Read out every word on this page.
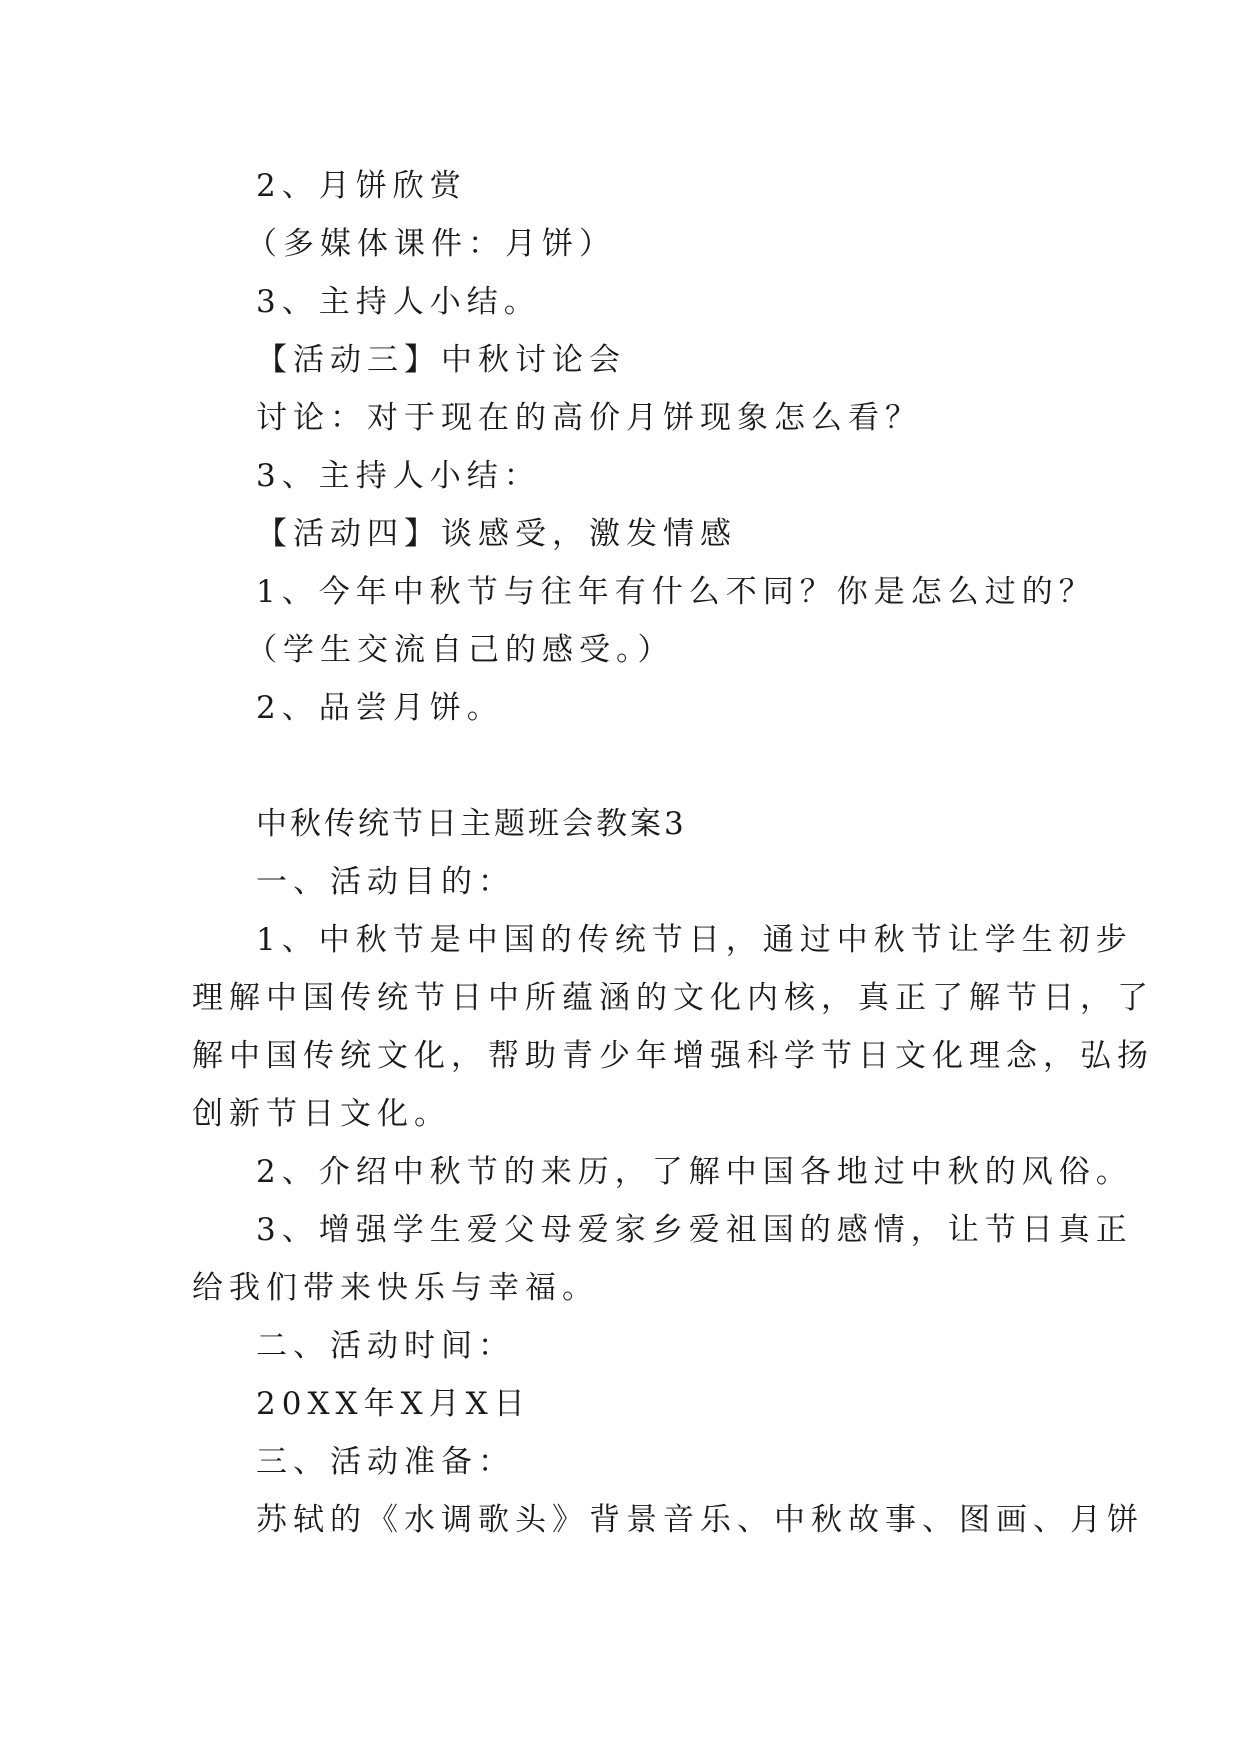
2、月饼欣赏
（多媒体课件：月饼）
3、主持人小结。
【活动三】中秋讨论会
讨论：对于现在的高价月饼现象怎么看？
3、主持人小结：
【活动四】谈感受，激发情感
1、今年中秋节与往年有什么不同？你是怎么过的？
（学生交流自己的感受。）
2、品尝月饼。
中秋传统节日主题班会教案3
一、活动目的：
1、中秋节是中国的传统节日，通过中秋节让学生初步
理解中国传统节日中所蕴涵的文化内核，真正了解节日，了
解中国传统文化，帮助青少年增强科学节日文化理念，弘扬
创新节日文化。
2、介绍中秋节的来历，了解中国各地过中秋的风俗。
3、增强学生爱父母爱家乡爱祖国的感情，让节日真正
给我们带来快乐与幸福。
二、活动时间：
20XX年X月X日
三、活动准备：
苏轼的《水调歌头》背景音乐、中秋故事、图画、月饼
